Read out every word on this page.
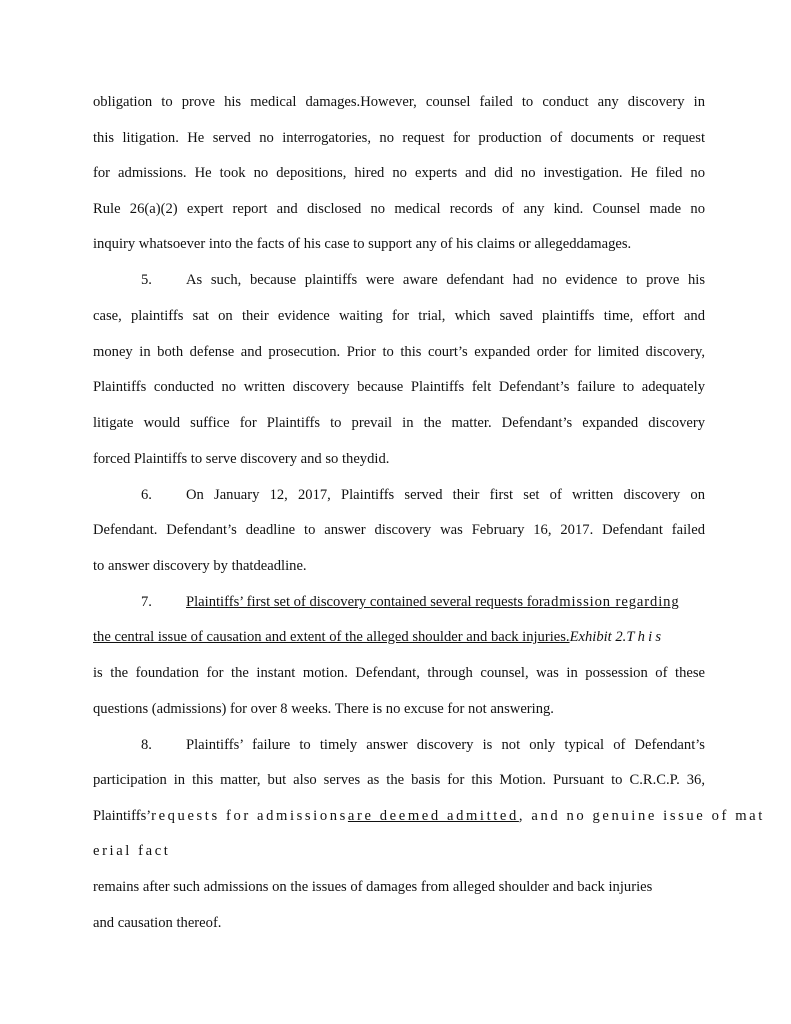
obligation to prove his medical damages.However, counsel failed to conduct any discovery in
this litigation. He served no interrogatories, no request for production of documents or request
for admissions. He took no depositions, hired no experts and did no investigation. He filed no
Rule 26(a)(2) expert report and disclosed no medical records of any kind. Counsel made no
inquiry whatsoever into the facts of his case to support any of his claims or allegeddamages.
5.	As such, because plaintiffs were aware defendant had no evidence to prove his
case, plaintiffs sat on their evidence waiting for trial, which saved plaintiffs time, effort and
money in both defense and prosecution. Prior to this court’s expanded order for limited discovery,
Plaintiffs conducted no written discovery because Plaintiffs felt Defendant’s failure to adequately
litigate would suffice for Plaintiffs to prevail in the matter. Defendant’s expanded discovery
forced Plaintiffs to serve discovery and so theydid.
6.	On January 12, 2017, Plaintiffs served their first set of written discovery on
Defendant. Defendant’s deadline to answer discovery was February 16, 2017. Defendant failed
to answer discovery by thatdeadline.
7. Plaintiffs’ first set of discovery contained several requests foradmission regarding
the central issue of causation and extent of the alleged shoulder and back injuries.Exhibit 2.This
is the foundation for the instant motion. Defendant, through counsel, was in possession of these
questions (admissions) for over 8 weeks. There is no excuse for not answering.
8.	Plaintiffs’ failure to timely answer discovery is not only typical of Defendant’s
participation in this matter, but also serves as the basis for this Motion. Pursuant to C.R.C.P. 36,
Plaintiffs’requests for admissionsare deemed admitted, and no genuine issue of mat
erial fact
remains after such admissions on the issues of damages from alleged shoulder and back injuries
and causation thereof.
